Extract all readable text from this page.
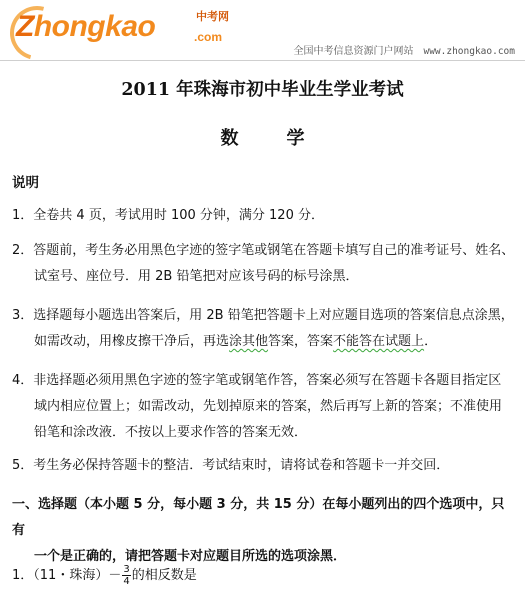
Zhongkao	中考网
.com
全国中考信息资源门户网站 www.zhongkao.com
2011 年珠海市初中毕业生学业考试
数	学
说明
1．全卷共 4 页，考试用时 100 分钟，满分 120 分．
2．答题前，考生务必用黑色字迹的签字笔或钢笔在答题卡填写自己的准考证号、姓名、
试室号、座位号．用 2B 铅笔把对应该号码的标号涂黑．
3．选择题每小题选出答案后，用 2B 铅笔把答题卡上对应题目选项的答案信息点涂黑，
如需改动，用橡皮擦干净后，再选涂其他答案，答案不能答在试题上．
4．非选择题必须用黑色字迹的签字笔或钢笔作答，答案必须写在答题卡各题目指定区
域内相应位置上；如需改动，先划掉原来的答案，然后再写上新的答案；不准使用
铅笔和涂改液．不按以上要求作答的答案无效．
5．考生务必保持答题卡的整洁．考试结束时，请将试卷和答题卡一并交回．
一、选择题（本小题 5 分，每小题 3 分，共 15 分）在每小题列出的四个选项中，只有
一个是正确的，请把答题卡对应题目所选的选项涂黑．
1．（11・珠海）－ $\frac{3}{4}$ 的相反数是
